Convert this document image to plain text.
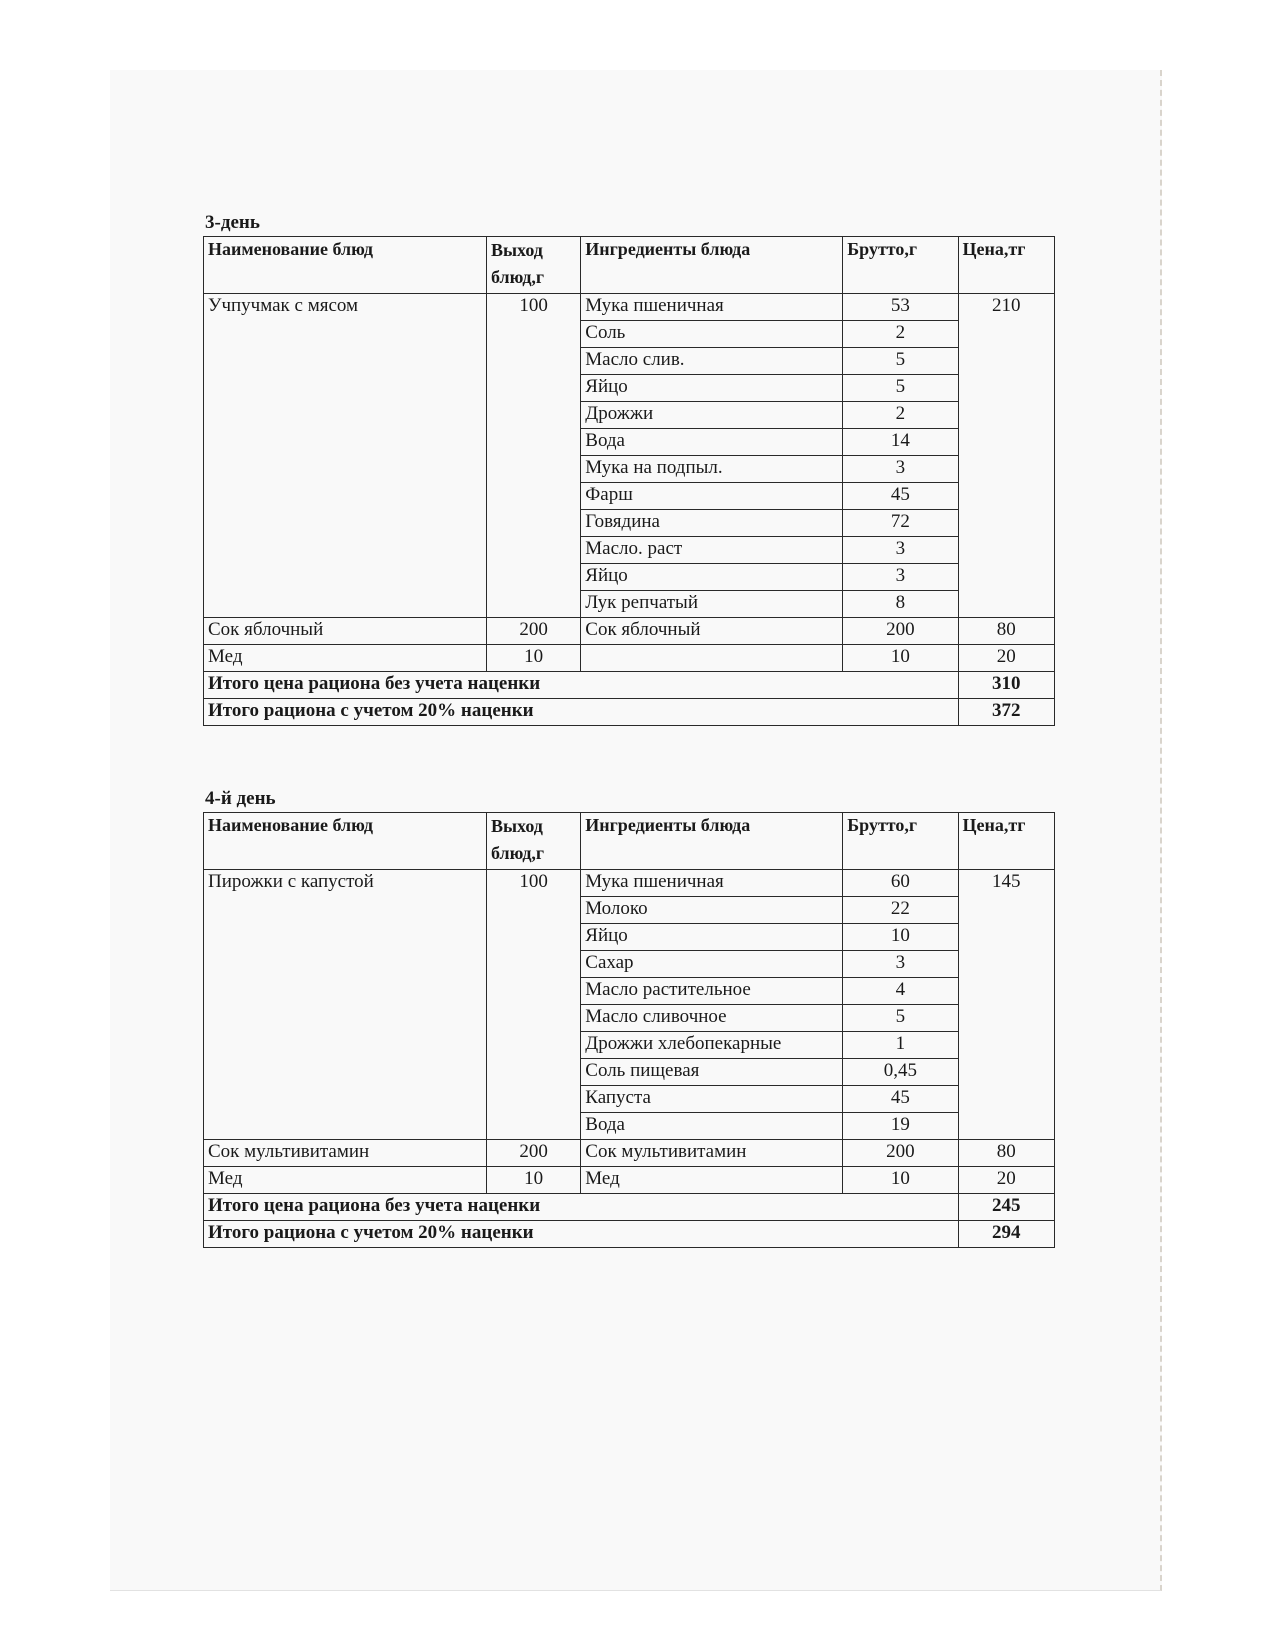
3-день
Наименование блюд	Выход блюд,г	Ингредиенты блюда	Брутто,г	Цена,тг
Учпучмак с мясом	100	Мука пшеничная	53	210
		Соль	2	
		Масло слив.	5	
		Яйцо	5	
		Дрожжи	2	
		Вода	14	
		Мука на подпыл.	3	
		Фарш	45	
		Говядина	72	
		Масло. раст	3	
		Яйцо	3	
		Лук репчатый	8	
Сок яблочный	200	Сок яблочный	200	80
Мед	10		10	20
Итого цена рациона без учета наценки				310
Итого рациона с учетом 20% наценки				372
4-й день
Наименование блюд	Выход блюд,г	Ингредиенты блюда	Брутто,г	Цена,тг
Пирожки с капустой	100	Мука пшеничная	60	145
		Молоко	22	
		Яйцо	10	
		Сахар	3	
		Масло растительное	4	
		Масло сливочное	5	
		Дрожжи хлебопекарные	1	
		Соль пищевая	0,45	
		Капуста	45	
		Вода	19	
Сок мультивитамин	200	Сок мультивитамин	200	80
Мед	10	Мед	10	20
Итого цена рациона без учета наценки				245
Итого рациона с учетом 20% наценки				294
